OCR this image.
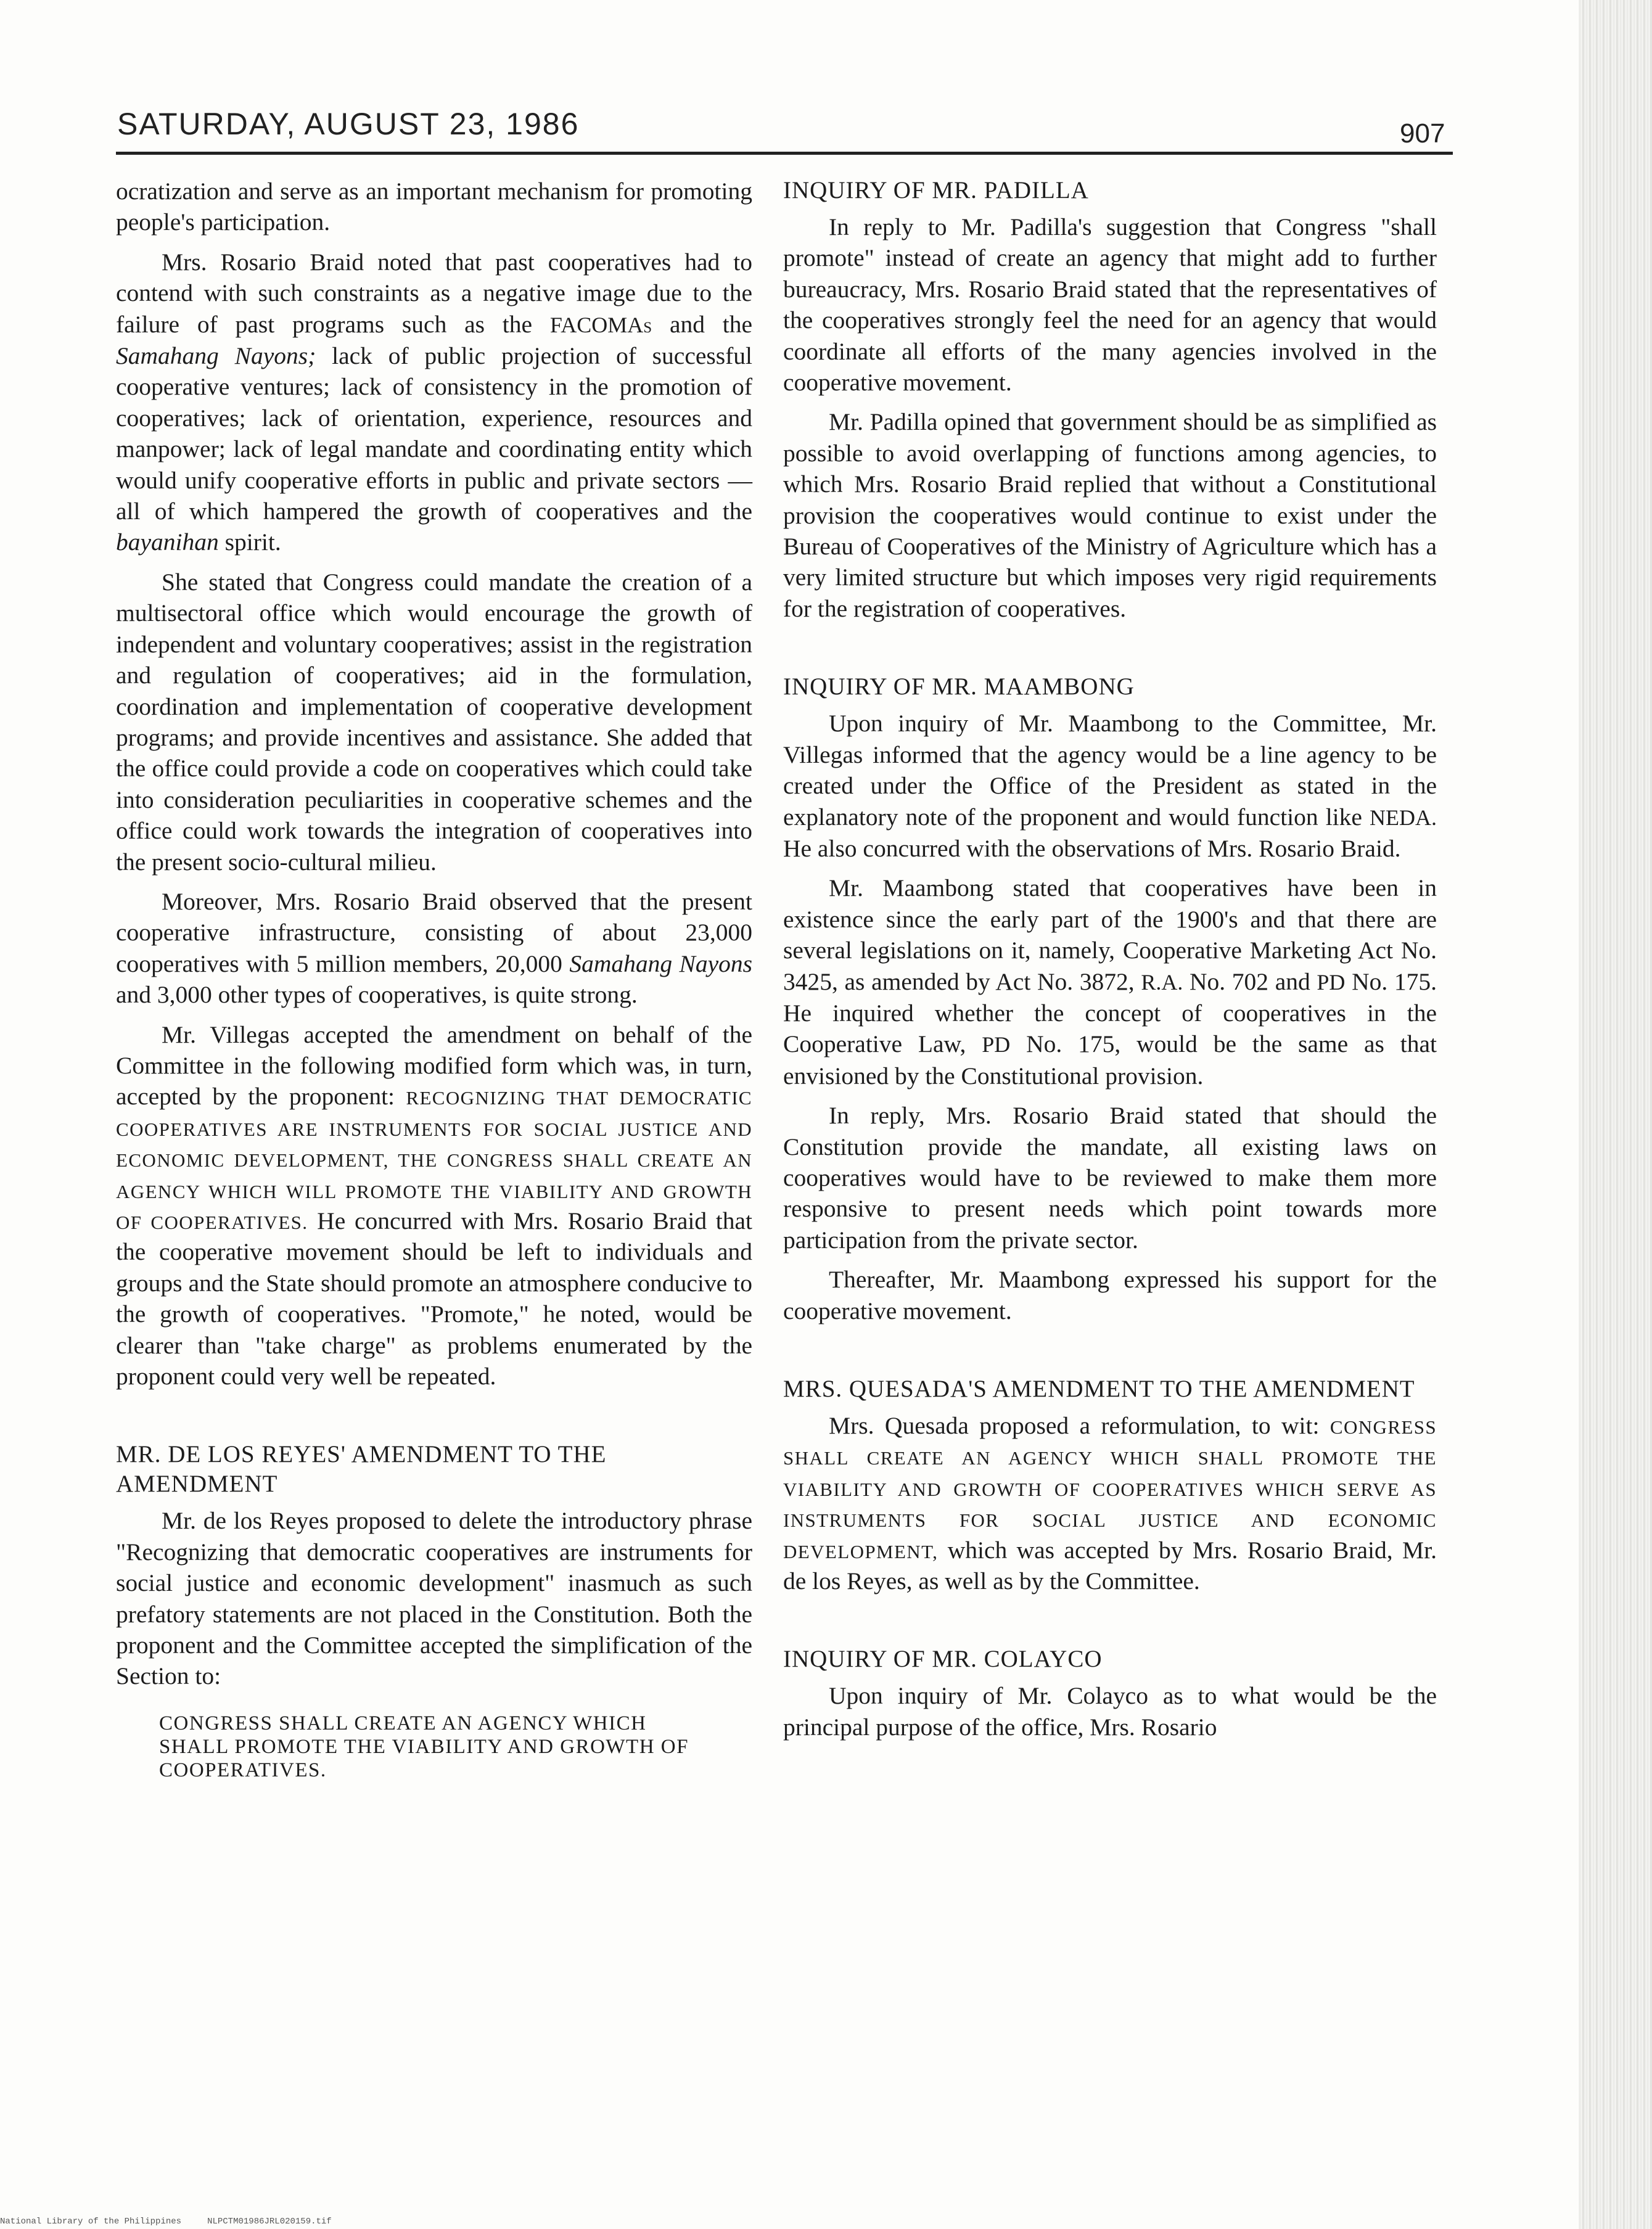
SATURDAY, AUGUST 23, 1986	907

ocratization and serve as an important mechanism for promoting people's participation.

Mrs. Rosario Braid noted that past cooperatives had to contend with such constraints as a negative image due to the failure of past programs such as the FACOMAs and the Samahang Nayons; lack of public projection of successful cooperative ventures; lack of consistency in the promotion of cooperatives; lack of orientation, experience, resources and manpower; lack of legal mandate and coordinating entity which would unify cooperative efforts in public and private sectors — all of which hampered the growth of cooperatives and the bayanihan spirit.

She stated that Congress could mandate the creation of a multisectoral office which would encourage the growth of independent and voluntary cooperatives; assist in the registration and regulation of cooperatives; aid in the formulation, coordination and implementation of cooperative development programs; and provide incentives and assistance. She added that the office could provide a code on cooperatives which could take into consideration peculiarities in cooperative schemes and the office could work towards the integration of cooperatives into the present socio-cultural milieu.

Moreover, Mrs. Rosario Braid observed that the present cooperative infrastructure, consisting of about 23,000 cooperatives with 5 million members, 20,000 Samahang Nayons and 3,000 other types of cooperatives, is quite strong.

Mr. Villegas accepted the amendment on behalf of the Committee in the following modified form which was, in turn, accepted by the proponent: RECOGNIZING THAT DEMOCRATIC COOPERATIVES ARE INSTRUMENTS FOR SOCIAL JUSTICE AND ECONOMIC DEVELOPMENT, THE CONGRESS SHALL CREATE AN AGENCY WHICH WILL PROMOTE THE VIABILITY AND GROWTH OF COOPERATIVES. He concurred with Mrs. Rosario Braid that the cooperative movement should be left to individuals and groups and the State should promote an atmosphere conducive to the growth of cooperatives. "Promote," he noted, would be clearer than "take charge" as problems enumerated by the proponent could very well be repeated.

MR. DE LOS REYES' AMENDMENT TO THE AMENDMENT

Mr. de los Reyes proposed to delete the introductory phrase "Recognizing that democratic cooperatives are instruments for social justice and economic development" inasmuch as such prefatory statements are not placed in the Constitution. Both the proponent and the Committee accepted the simplification of the Section to:

CONGRESS SHALL CREATE AN AGENCY WHICH SHALL PROMOTE THE VIABILITY AND GROWTH OF COOPERATIVES.
INQUIRY OF MR. PADILLA

In reply to Mr. Padilla's suggestion that Congress "shall promote" instead of create an agency that might add to further bureaucracy, Mrs. Rosario Braid stated that the representatives of the cooperatives strongly feel the need for an agency that would coordinate all efforts of the many agencies involved in the cooperative movement.

Mr. Padilla opined that government should be as simplified as possible to avoid overlapping of functions among agencies, to which Mrs. Rosario Braid replied that without a Constitutional provision the cooperatives would continue to exist under the Bureau of Cooperatives of the Ministry of Agriculture which has a very limited structure but which imposes very rigid requirements for the registration of cooperatives.

INQUIRY OF MR. MAAMBONG

Upon inquiry of Mr. Maambong to the Committee, Mr. Villegas informed that the agency would be a line agency to be created under the Office of the President as stated in the explanatory note of the proponent and would function like NEDA. He also concurred with the observations of Mrs. Rosario Braid.

Mr. Maambong stated that cooperatives have been in existence since the early part of the 1900's and that there are several legislations on it, namely, Cooperative Marketing Act No. 3425, as amended by Act No. 3872, R.A. No. 702 and PD No. 175. He inquired whether the concept of cooperatives in the Cooperative Law, PD No. 175, would be the same as that envisioned by the Constitutional provision.

In reply, Mrs. Rosario Braid stated that should the Constitution provide the mandate, all existing laws on cooperatives would have to be reviewed to make them more responsive to present needs which point towards more participation from the private sector.

Thereafter, Mr. Maambong expressed his support for the cooperative movement.

MRS. QUESADA'S AMENDMENT TO THE AMENDMENT

Mrs. Quesada proposed a reformulation, to wit: CONGRESS SHALL CREATE AN AGENCY WHICH SHALL PROMOTE THE VIABILITY AND GROWTH OF COOPERATIVES WHICH SERVE AS INSTRUMENTS FOR SOCIAL JUSTICE AND ECONOMIC DEVELOPMENT, which was accepted by Mrs. Rosario Braid, Mr. de los Reyes, as well as by the Committee.

INQUIRY OF MR. COLAYCO

Upon inquiry of Mr. Colayco as to what would be the principal purpose of the office, Mrs. Rosario

National Library of the Philippines	NLPCTM01986JRL020159.tif
